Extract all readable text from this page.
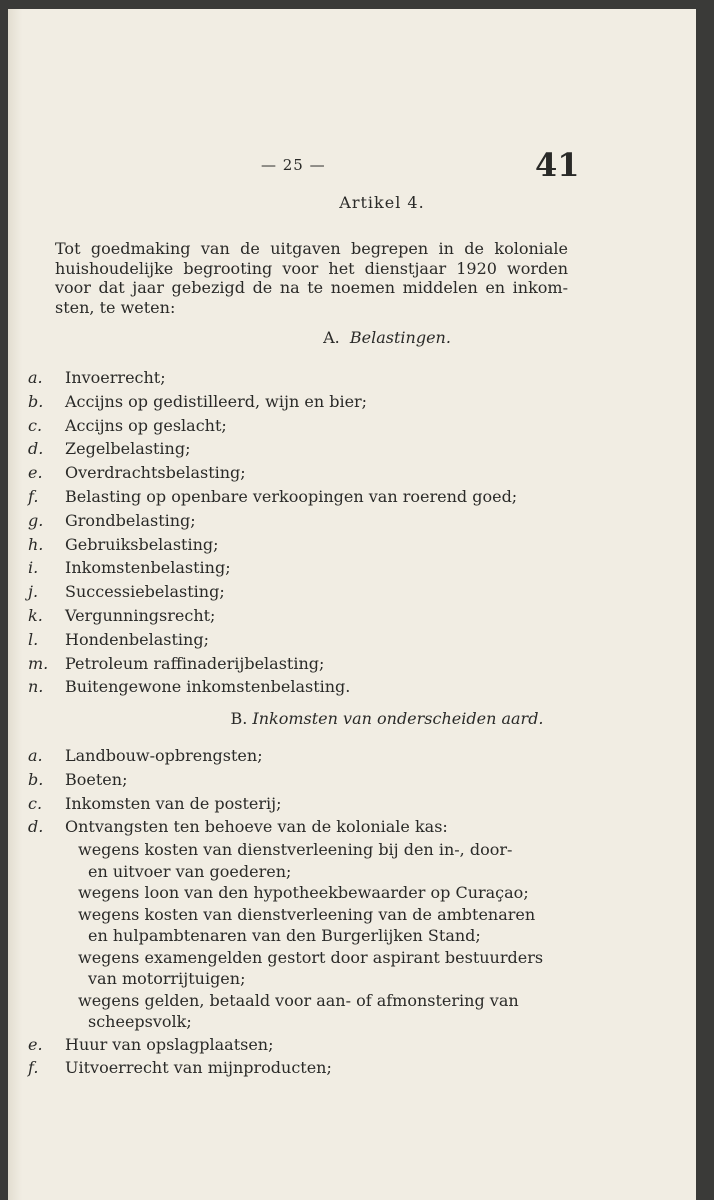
— 25 —	41
Artikel 4.
Tot goedmaking van de uitgaven begrepen in de koloniale
huishoudelijke begrooting voor het dienstjaar 1920 worden
voor dat jaar gebezigd de na te noemen middelen en inkom-
sten, te weten:
A. Belastingen.
a. Invoerrecht;
b. Accijns op gedistilleerd, wijn en bier;
c. Accijns op geslacht;
d. Zegelbelasting;
e. Overdrachtsbelasting;
f. Belasting op openbare verkoopingen van roerend goed;
g. Grondbelasting;
h. Gebruiksbelasting;
i. Inkomstenbelasting;
j. Successiebelasting;
k. Vergunningsrecht;
l. Hondenbelasting;
m. Petroleum raffinaderijbelasting;
n. Buitengewone inkomstenbelasting.
B. Inkomsten van onderscheiden aard.
a. Landbouw-opbrengsten;
b. Boeten;
c. Inkomsten van de posterij;
d. Ontvangsten ten behoeve van de koloniale kas:
wegens kosten van dienstverleening bij den in-, door-
en uitvoer van goederen;
wegens loon van den hypotheekbewaarder op Curaçao;
wegens kosten van dienstverleening van de ambtenaren
en hulpambtenaren van den Burgerlijken Stand;
wegens examengelden gestort door aspirant bestuurders
van motorrijtuigen;
wegens gelden, betaald voor aan- of afmonstering van
scheepsvolk;
e. Huur van opslagplaatsen;
f. Uitvoerrecht van mijnproducten;
